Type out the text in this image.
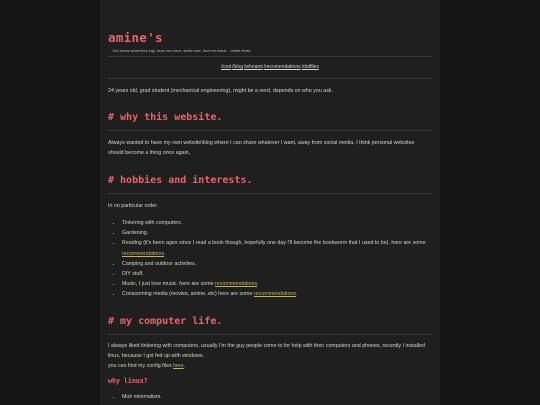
amine's

You know what they say, trust me once, strike one. fool me twice... strike three.

/root/blog/whoami/recomendations/dotfiles

24 years old, grad student (mechanical engineering), might be a nerd, depends on who you ask.

# why this website.

Always wanted to have my own website\blog where I can share whatever I want, away from social media, I think personal websites should become a thing once again,

# hobbies and interests.

In no particular order.

• Tinkering with computers.
• Gardening.
• Reading (it's been ages since I read a book though, hopefully one day I'll become the bookworm that I used to be). here are some recommendations.
• Camping and outdoor activities.
• DIY stuff.
• Music, I just love music. here are some recommendations.
• Consooming media (movies, anime..etc) here are some recommendations.
# my computer life.

I always liked tinkering with computers, usually I'm the guy people come to for help with their computers and phones, recently I installed linux, because I got fed up with windows.
you can find my config files here.

why linux?
• Muh minimalism.
